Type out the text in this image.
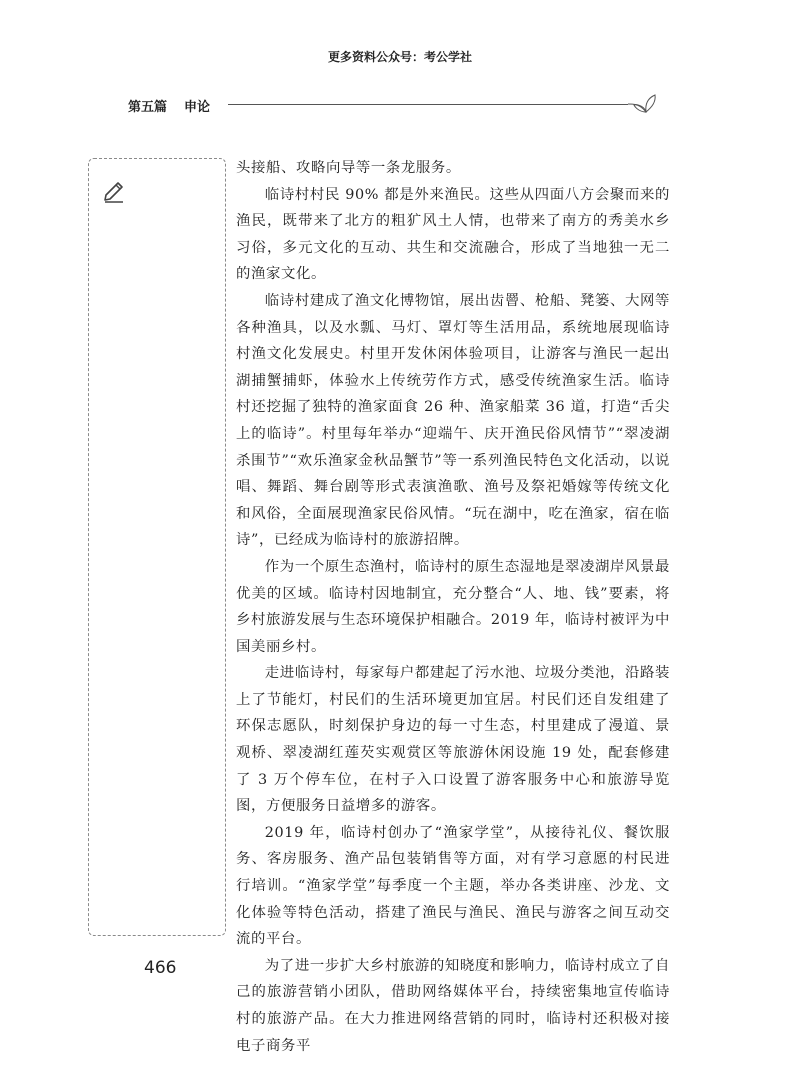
更多资料公众号：考公学社
第五篇 申论

头接船、攻略向导等一条龙服务。

临诗村村民 90% 都是外来渔民。这些从四面八方会聚而来的渔民，既带来了北方的粗犷风土人情，也带来了南方的秀美水乡习俗，多元文化的互动、共生和交流融合，形成了当地独一无二的渔家文化。

临诗村建成了渔文化博物馆，展出齿罾、枪船、凳篓、大网等各种渔具，以及水瓢、马灯、罩灯等生活用品，系统地展现临诗村渔文化发展史。村里开发休闲体验项目，让游客与渔民一起出湖捕蟹捕虾，体验水上传统劳作方式，感受传统渔家生活。临诗村还挖掘了独特的渔家面食 26 种、渔家船菜 36 道，打造“舌尖上的临诗”。村里每年举办“迎端午、庆开渔民俗风情节”“翠凌湖杀围节”“欢乐渔家金秋品蟹节”等一系列渔民特色文化活动，以说唱、舞蹈、舞台剧等形式表演渔歌、渔号及祭祀婚嫁等传统文化和风俗，全面展现渔家民俗风情。“玩在湖中，吃在渔家，宿在临诗”，已经成为临诗村的旅游招牌。

作为一个原生态渔村，临诗村的原生态湿地是翠凌湖岸风景最优美的区域。临诗村因地制宜，充分整合“人、地、钱”要素，将乡村旅游发展与生态环境保护相融合。2019 年，临诗村被评为中国美丽乡村。

走进临诗村，每家每户都建起了污水池、垃圾分类池，沿路装上了节能灯，村民们的生活环境更加宜居。村民们还自发组建了环保志愿队，时刻保护身边的每一寸生态，村里建成了漫道、景观桥、翠凌湖红莲芡实观赏区等旅游休闲设施 19 处，配套修建了 3 万个停车位，在村子入口设置了游客服务中心和旅游导览图，方便服务日益增多的游客。

2019 年，临诗村创办了“渔家学堂”，从接待礼仪、餐饮服务、客房服务、渔产品包装销售等方面，对有学习意愿的村民进行培训。“渔家学堂”每季度一个主题，举办各类讲座、沙龙、文化体验等特色活动，搭建了渔民与渔民、渔民与游客之间互动交流的平台。

为了进一步扩大乡村旅游的知晓度和影响力，临诗村成立了自己的旅游营销小团队，借助网络媒体平台，持续密集地宣传临诗村的旅游产品。在大力推进网络营销的同时，临诗村还积极对接电子商务平

466
